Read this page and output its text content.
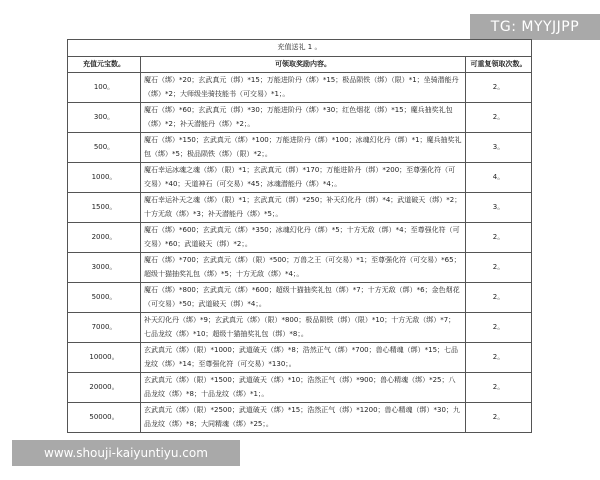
TG: MYYJJPP
充值送礼 1 。		
充值元宝数。	可领取奖励内容。	可重复领取次数。
100。	魔石（绑）*20；玄武真元（绑）*15；万能进阶丹（绑）*15；极品陨铁（绑）（限）*1；坐骑潜能丹（绑）*2；大师级坐骑技能书（可交易）*1；。	2。
300。	魔石（绑）*60；玄武真元（绑）*30；万能进阶丹（绑）*30；红色烟花（绑）*15；魔兵抽奖礼包（绑）*2；补天潜能丹（绑）*2；。	2。
500。	魔石（绑）*150；玄武真元（绑）*100；万能进阶丹（绑）*100；冰魂幻化丹（绑）*1；魔兵抽奖礼包（绑）*5；极品陨铁（绑）（限）*2；。	3。
1000。	魔石幸运冰魂之魂（绑）（限）*1；玄武真元（绑）*170；万能进阶丹（绑）*200；至尊强化符（可交易）*40；天道神石（可交易）*45；冰魂潜能丹（绑）*4；。	4。
1500。	魔石幸运补天之魂（绑）（限）*1；玄武真元（绑）*250；补天幻化丹（绑）*4；武道破天（绑）*2；十方无敌（绑）*3；补天潜能丹（绑）*5；。	3。
2000。	魔石（绑）*600；玄武真元（绑）*350；冰魂幻化丹（绑）*5；十方无敌（绑）*4；至尊强化符（可交易）*60；武道破天（绑）*2；。	2。
3000。	魔石（绑）*700；玄武真元（绑）（限）*500；万兽之王（可交易）*1；至尊强化符（可交易）*65；超级十猫抽奖礼包（绑）*5；十方无敌（绑）*4；。	2。
5000。	魔石（绑）*800；玄武真元（绑）*600；超级十猫抽奖礼包（绑）*7；十方无敌（绑）*6；金色烟花（可交易）*50；武道破天（绑）*4；。	2。
7000。	补天幻化丹（绑）*9；玄武真元（绑）（限）*800；极品陨铁（绑）（限）*10；十方无敌（绑）*7；七品龙纹（绑）*10；超级十猫抽奖礼包（绑）*8；。	2。
10000。	玄武真元（绑）（限）*1000；武道破天（绑）*8；浩然正气（绑）*700；兽心精魂（绑）*15；七品龙纹（绑）*14；至尊强化符（可交易）*130；。	2。
20000。	玄武真元（绑）（限）*1500；武道破天（绑）*10；浩然正气（绑）*900；兽心精魂（绑）*25；八品龙纹（绑）*8；十品龙纹（绑）*1；。	2。
50000。	玄武真元（绑）（限）*2500；武道破天（绑）*15；浩然正气（绑）*1200；兽心精魂（绑）*30；九品龙纹（绑）*8；大同精魂（绑）*25；。	2。
www.shouji-kaiyuntiyu.com
